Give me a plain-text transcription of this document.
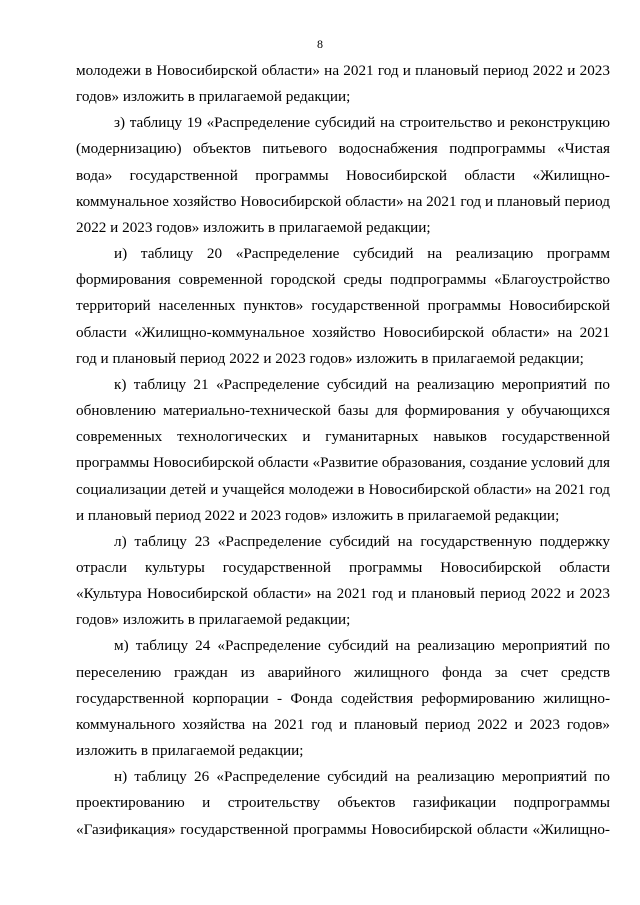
8
молодежи в Новосибирской области» на 2021 год и плановый период 2022 и 2023
годов» изложить в прилагаемой редакции;
з) таблицу 19 «Распределение субсидий на строительство и реконструкцию
(модернизацию) объектов питьевого водоснабжения подпрограммы «Чистая
вода» государственной программы Новосибирской области «Жилищно-
коммунальное хозяйство Новосибирской области» на 2021 год и плановый период
2022 и 2023 годов» изложить в прилагаемой редакции;
и) таблицу 20 «Распределение субсидий на реализацию программ
формирования современной городской среды подпрограммы «Благоустройство
территорий населенных пунктов» государственной программы Новосибирской
области «Жилищно-коммунальное хозяйство Новосибирской области» на 2021
год и плановый период 2022 и 2023 годов» изложить в прилагаемой редакции;
к) таблицу 21 «Распределение субсидий на реализацию мероприятий по
обновлению материально-технической базы для формирования у обучающихся
современных технологических и гуманитарных навыков государственной
программы Новосибирской области «Развитие образования, создание условий для
социализации детей и учащейся молодежи в Новосибирской области» на 2021 год
и плановый период 2022 и 2023 годов» изложить в прилагаемой редакции;
л) таблицу 23 «Распределение субсидий на государственную поддержку
отрасли культуры государственной программы Новосибирской области
«Культура Новосибирской области» на 2021 год и плановый период 2022 и 2023
годов» изложить в прилагаемой редакции;
м) таблицу 24 «Распределение субсидий на реализацию мероприятий по
переселению граждан из аварийного жилищного фонда за счет средств
государственной корпорации - Фонда содействия реформированию жилищно-
коммунального хозяйства на 2021 год и плановый период 2022 и 2023 годов»
изложить в прилагаемой редакции;
н) таблицу 26 «Распределение субсидий на реализацию мероприятий по
проектированию и строительству объектов газификации подпрограммы
«Газификация» государственной программы Новосибирской области «Жилищно-
